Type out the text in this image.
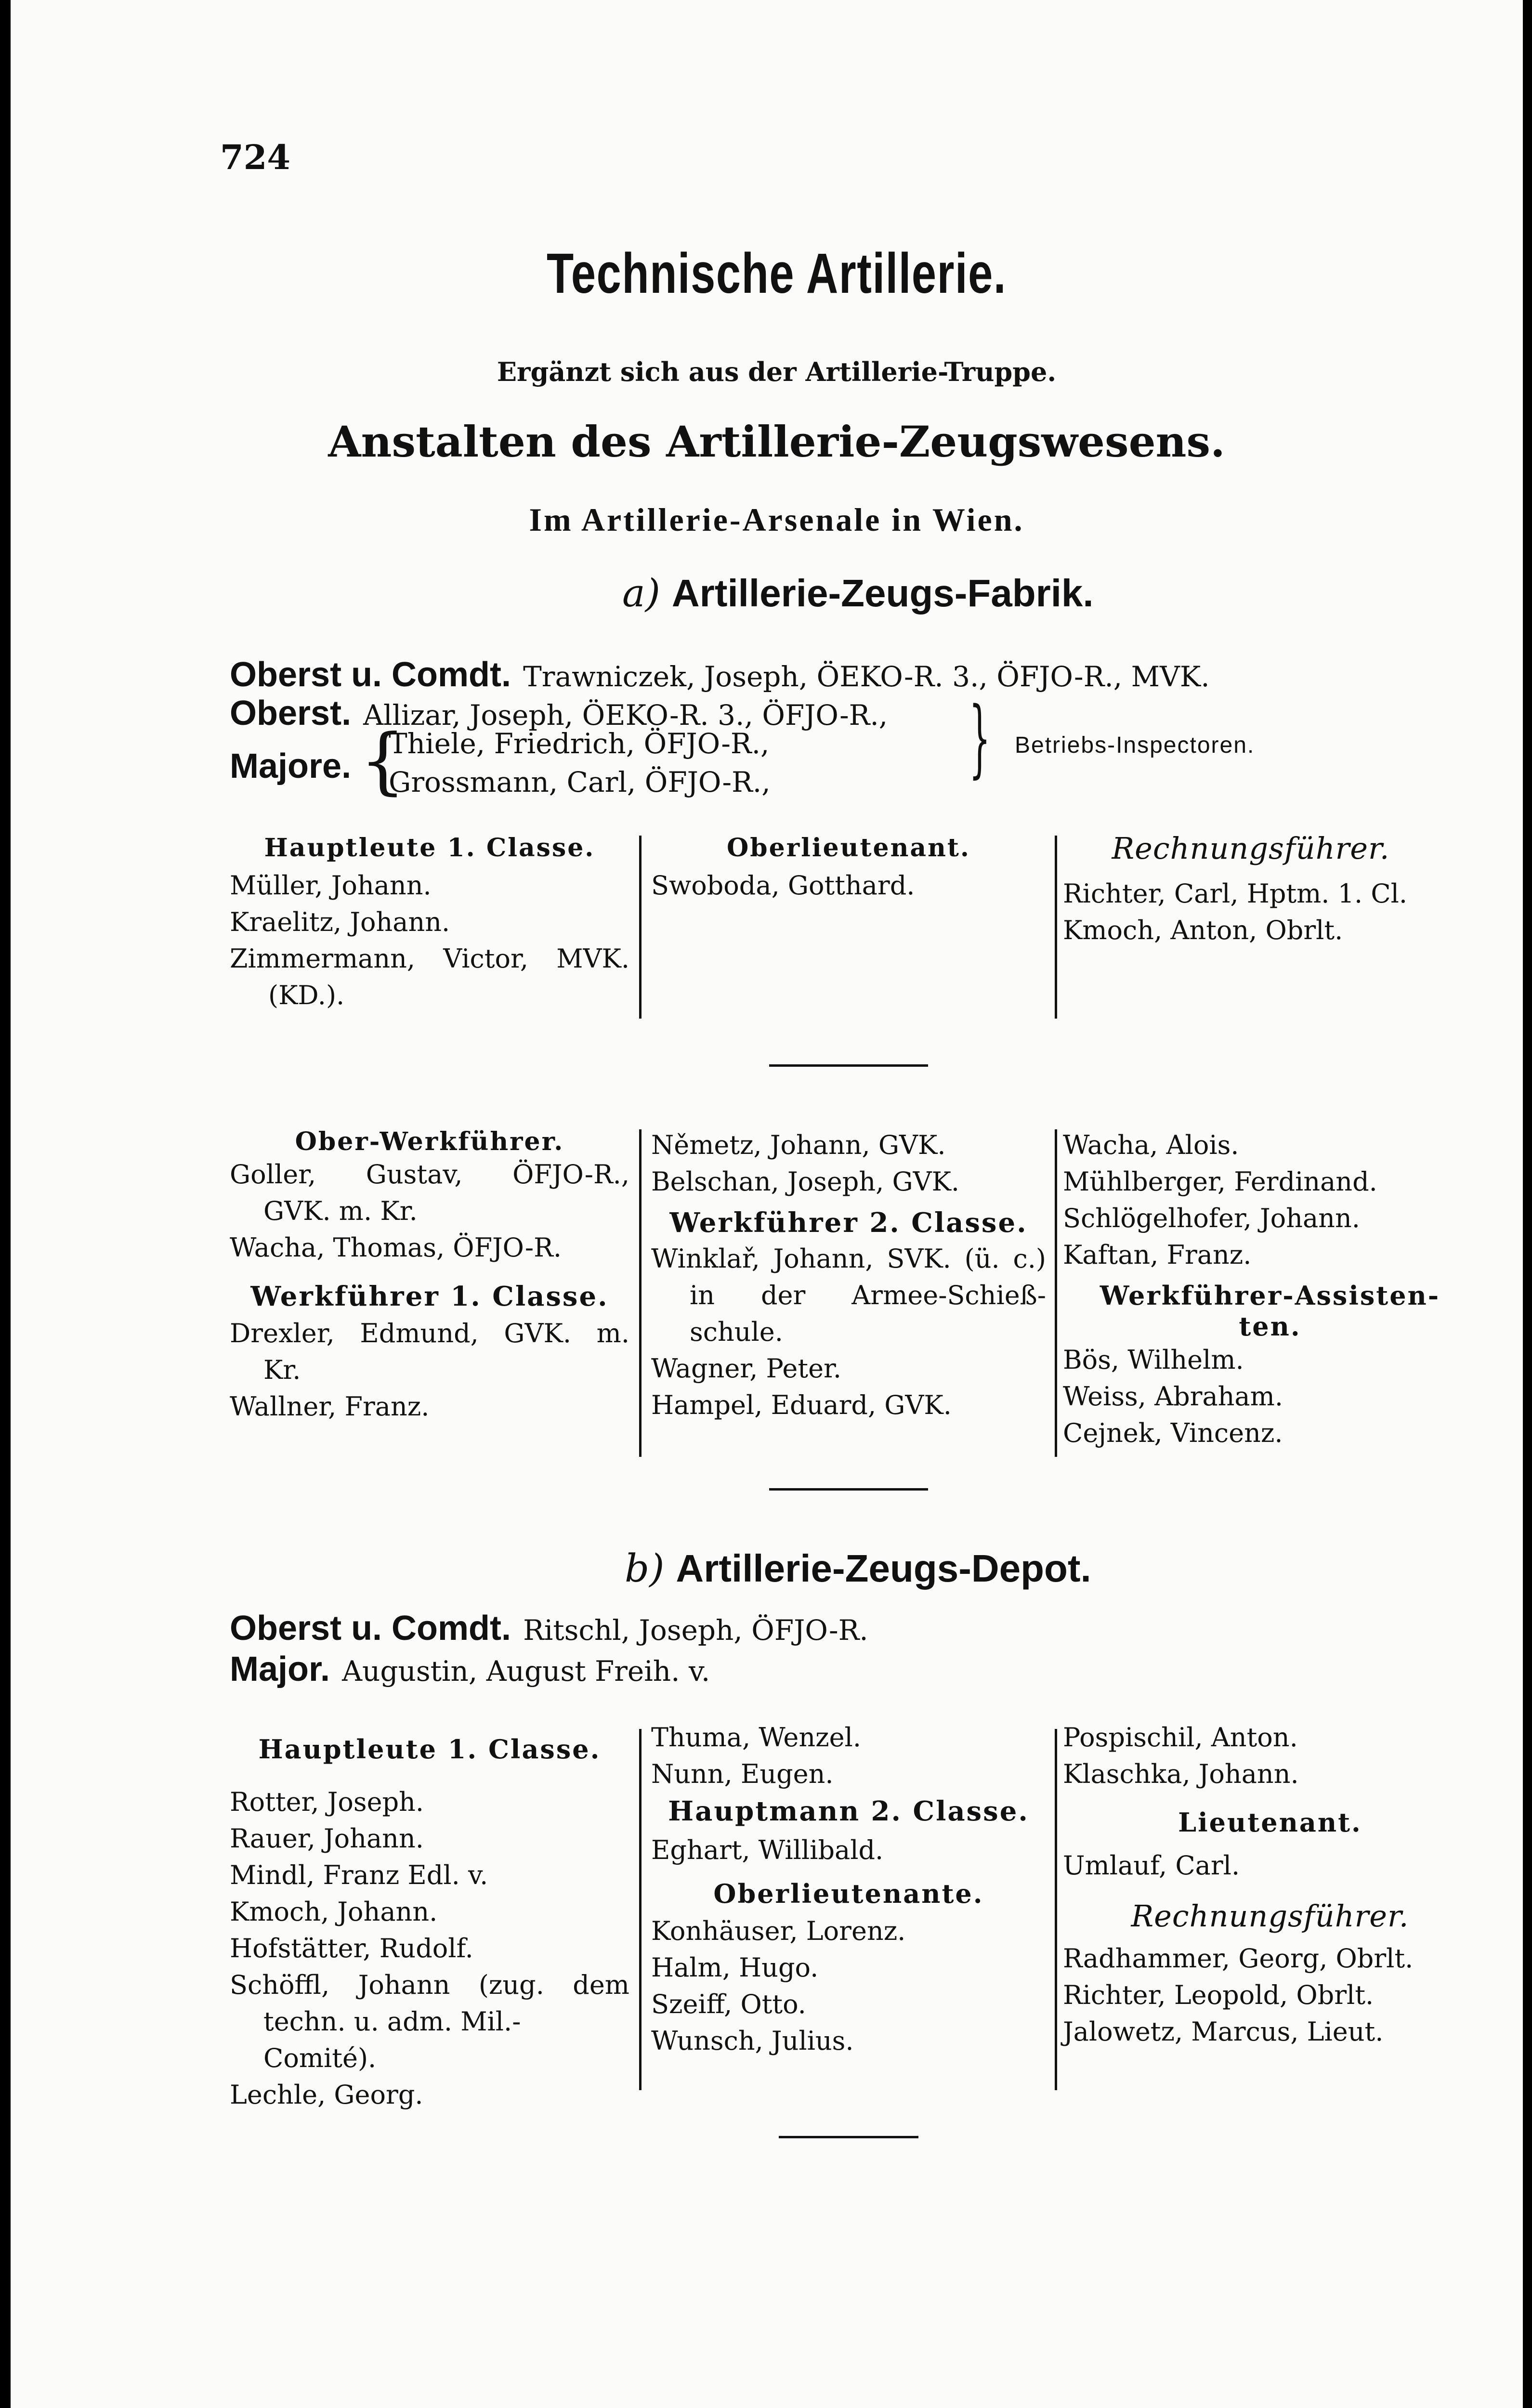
724
Technische Artillerie.
Ergänzt sich aus der Artillerie-Truppe.
Anstalten des Artillerie-Zeugswesens.
Im Artillerie-Arsenale in Wien.
a) Artillerie-Zeugs-Fabrik.
Oberst u. Comdt. Trawniczek, Joseph, ÖEKO-R. 3., ÖFJO-R., MVK.
Oberst. Allizar, Joseph, ÖEKO-R. 3., ÖFJO-R.,
Majore. {
Thiele, Friedrich, ÖFJO-R.,
Grossmann, Carl, ÖFJO-R.,	} Betriebs-Inspectoren.
Hauptleute 1. Classe.
Müller, Johann.
Kraelitz, Johann.
Zimmermann, Victor, MVK.
(KD.).
Oberlieutenant.
Swoboda, Gotthard.
Rechnungsführer.
Richter, Carl, Hptm. 1. Cl.
Kmoch, Anton, Obrlt.
Ober-Werkführer.
Goller, Gustav, ÖFJO-R.,
GVK. m. Kr.
Wacha, Thomas, ÖFJO-R.
Werkführer 1. Classe.
Drexler, Edmund, GVK. m.
Kr.
Wallner, Franz.
Němetz, Johann, GVK.
Belschan, Joseph, GVK.
Werkführer 2. Classe.
Winklař, Johann, SVK. (ü. c.)
in der Armee-Schieß-
schule.
Wagner, Peter.
Hampel, Eduard, GVK.
Wacha, Alois.
Mühlberger, Ferdinand.
Schlögelhofer, Johann.
Kaftan, Franz.
Werkführer-Assisten-
ten.
Bös, Wilhelm.
Weiss, Abraham.
Cejnek, Vincenz.
b) Artillerie-Zeugs-Depot.
Oberst u. Comdt. Ritschl, Joseph, ÖFJO-R.
Major. Augustin, August Freih. v.
Hauptleute 1. Classe.
Rotter, Joseph.
Rauer, Johann.
Mindl, Franz Edl. v.
Kmoch, Johann.
Hofstätter, Rudolf.
Schöffl, Johann (zug. dem
techn. u. adm. Mil.-Comité).
Lechle, Georg.
Thuma, Wenzel.
Nunn, Eugen.
Hauptmann 2. Classe.
Eghart, Willibald.
Oberlieutenante.
Konhäuser, Lorenz.
Halm, Hugo.
Szeiff, Otto.
Wunsch, Julius.
Pospischil, Anton.
Klaschka, Johann.
Lieutenant.
Umlauf, Carl.
Rechnungsführer.
Radhammer, Georg, Obrlt.
Richter, Leopold, Obrlt.
Jalowetz, Marcus, Lieut.
